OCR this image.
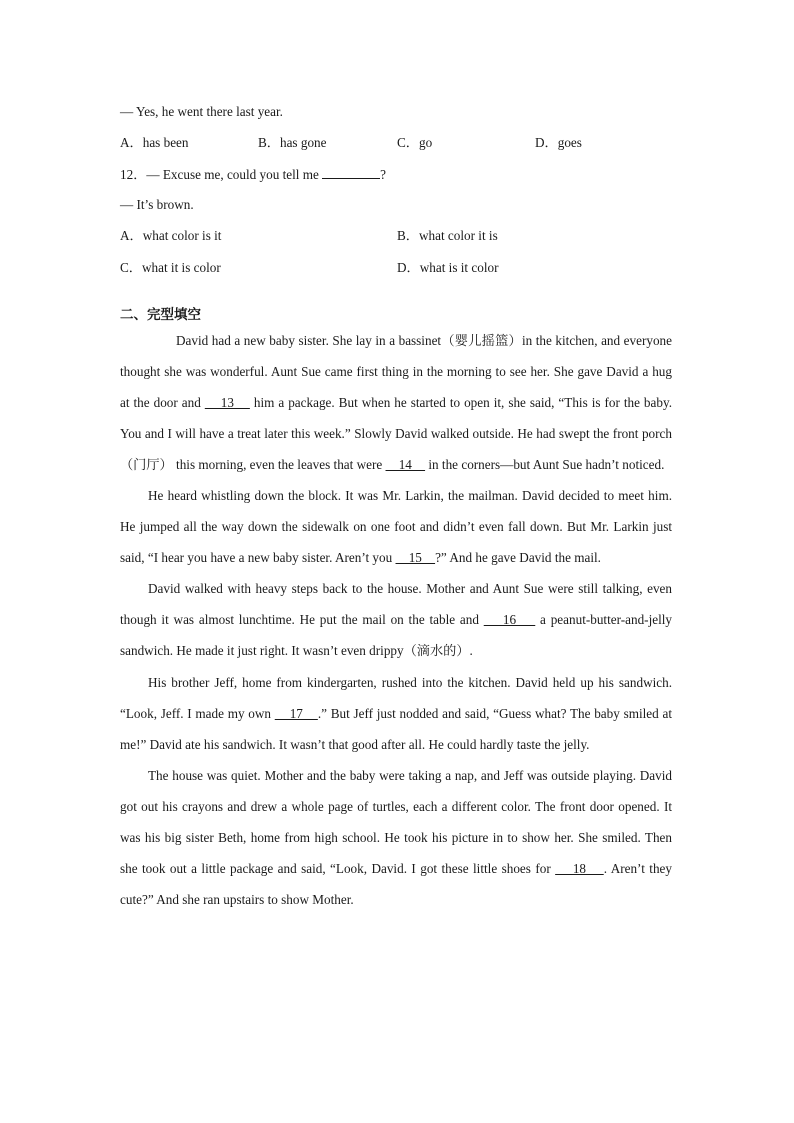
— Yes, he went there last year.
A．has been	B．has gone	C．go	D．goes
12．— Excuse me, could you tell me	?
— It’s brown.
A．what color is it	B．what color it is
C．what it is color	D．what is it color
二、完型填空

David had a new baby sister. She lay in a bassinet（婴儿摇篮）in the kitchen, and everyone thought she was wonderful. Aunt Sue came first thing in the morning to see her. She gave David a hug at the door and     13     him a package. But when he started to open it, she said, “This is for the baby. You and I will have a treat later this week.” Slowly David walked outside. He had swept the front porch（门厅） this morning, even the leaves that were     14     in the corners—but Aunt Sue hadn’t noticed.

He heard whistling down the block. It was Mr. Larkin, the mailman. David decided to meet him. He jumped all the way down the sidewalk on one foot and didn’t even fall down. But Mr. Larkin just said, “I hear you have a new baby sister. Aren’t you     15    ?” And he gave David the mail.

David walked with heavy steps back to the house. Mother and Aunt Sue were still talking, even though it was almost lunchtime. He put the mail on the table and     16     a peanut-butter-and-jelly sandwich. He made it just right. It wasn’t even drippy（滴水的）.

His brother Jeff, home from kindergarten, rushed into the kitchen. David held up his sandwich. “Look, Jeff. I made my own     17    .” But Jeff just nodded and said, “Guess what? The baby smiled at me!” David ate his sandwich. It wasn’t that good after all. He could hardly taste the jelly.

The house was quiet. Mother and the baby were taking a nap, and Jeff was outside playing. David got out his crayons and drew a whole page of turtles, each a different color. The front door opened. It was his big sister Beth, home from high school. He took his picture in to show her. She smiled. Then she took out a little package and said, “Look, David. I got these little shoes for     18    . Aren’t they cute?” And she ran upstairs to show Mother.
